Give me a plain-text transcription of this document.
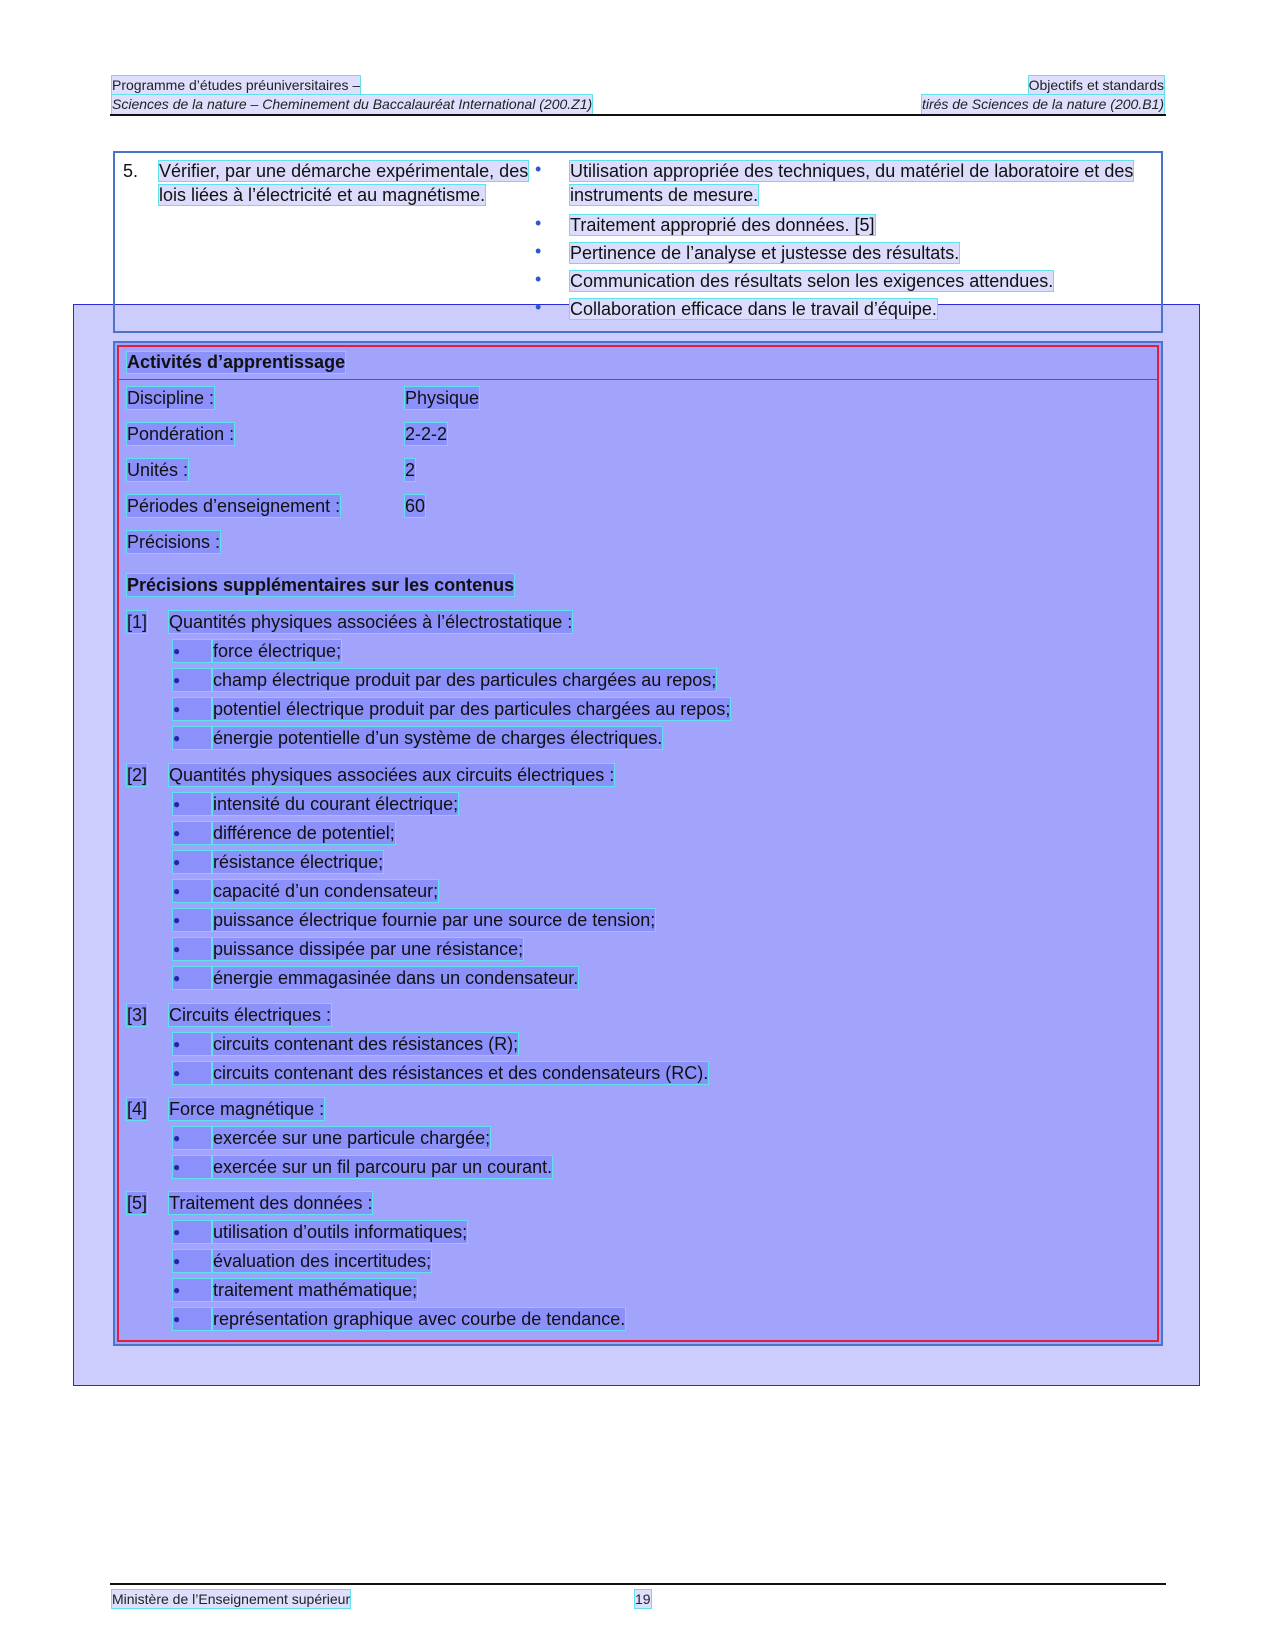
Programme d’études préuniversitaires –	Objectifs et standards
Sciences de la nature – Cheminement du Baccalauréat International (200.Z1)	tirés de Sciences de la nature (200.B1)
5. Vérifier, par une démarche expérimentale, des lois liées à l’électricité et au magnétisme.
•	Utilisation appropriée des techniques, du matériel de laboratoire et des instruments de mesure.
•	Traitement approprié des données. [5]
•	Pertinence de l’analyse et justesse des résultats.
•	Communication des résultats selon les exigences attendues.
•	Collaboration efficace dans le travail d’équipe.
Activités d’apprentissage
Discipline :	Physique
Pondération :	2-2-2
Unités :	2
Périodes d’enseignement :	60
Précisions :
Précisions supplémentaires sur les contenus
[1] Quantités physiques associées à l’électrostatique :
●	force électrique;
●	champ électrique produit par des particules chargées au repos;
●	potentiel électrique produit par des particules chargées au repos;
●	énergie potentielle d’un système de charges électriques.
[2] Quantités physiques associées aux circuits électriques :
●	intensité du courant électrique;
●	différence de potentiel;
●	résistance électrique;
●	capacité d’un condensateur;
●	puissance électrique fournie par une source de tension;
●	puissance dissipée par une résistance;
●	énergie emmagasinée dans un condensateur.
[3] Circuits électriques :
●	circuits contenant des résistances (R);
●	circuits contenant des résistances et des condensateurs (RC).
[4] Force magnétique :
●	exercée sur une particule chargée;
●	exercée sur un fil parcouru par un courant.
[5] Traitement des données :
●	utilisation d’outils informatiques;
●	évaluation des incertitudes;
●	traitement mathématique;
●	représentation graphique avec courbe de tendance.
Ministère de l’Enseignement supérieur	19
